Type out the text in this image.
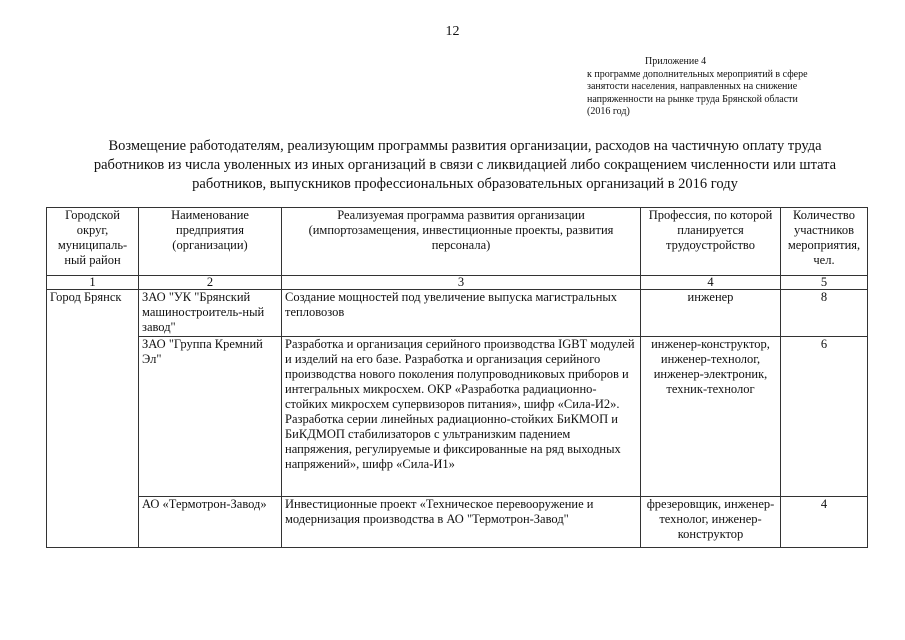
12
Приложение 4
к программе дополнительных мероприятий в сфере
занятости населения, направленных на снижение
напряженности на рынке труда Брянской области
(2016 год)
Возмещение работодателям, реализующим программы развития организации, расходов на частичную оплату труда
работников из числа уволенных из иных организаций в связи с ликвидацией либо сокращением численности или штата
работников, выпускников профессиональных образовательных организаций в 2016 году
Городской округ, муниципаль-ный район	Наименование предприятия (организации)	Реализуемая программа развития организации (импортозамещения, инвестиционные проекты, развития персонала)	Профессия, по которой планируется трудоустройство	Количество участников мероприятия, чел.
1	2	3	4	5
Город Брянск	ЗАО "УК "Брянский машиностроитель-ный завод"	Создание мощностей под увеличение выпуска магистральных тепловозов	инженер	8
	ЗАО "Группа Кремний Эл"	Разработка и организация серийного производства IGBT модулей и изделий на его базе. Разработка и организация серийного производства нового поколения полупроводниковых приборов и интегральных микросхем. ОКР «Разработка радиационно-стойких микросхем супервизоров питания», шифр «Сила-И2». Разработка серии линейных радиационно-стойких БиКМОП и БиКДМОП стабилизаторов с ультранизким падением напряжения, регулируемые и фиксированные на ряд выходных напряжений», шифр «Сила-И1»	инженер-конструктор, инженер-технолог, инженер-электроник, техник-технолог	6
	АО «Термотрон-Завод»	Инвестиционные проект «Техническое перевооружение и модернизация производства в АО "Термотрон-Завод"	фрезеровщик, инженер-технолог, инженер-конструктор	4
